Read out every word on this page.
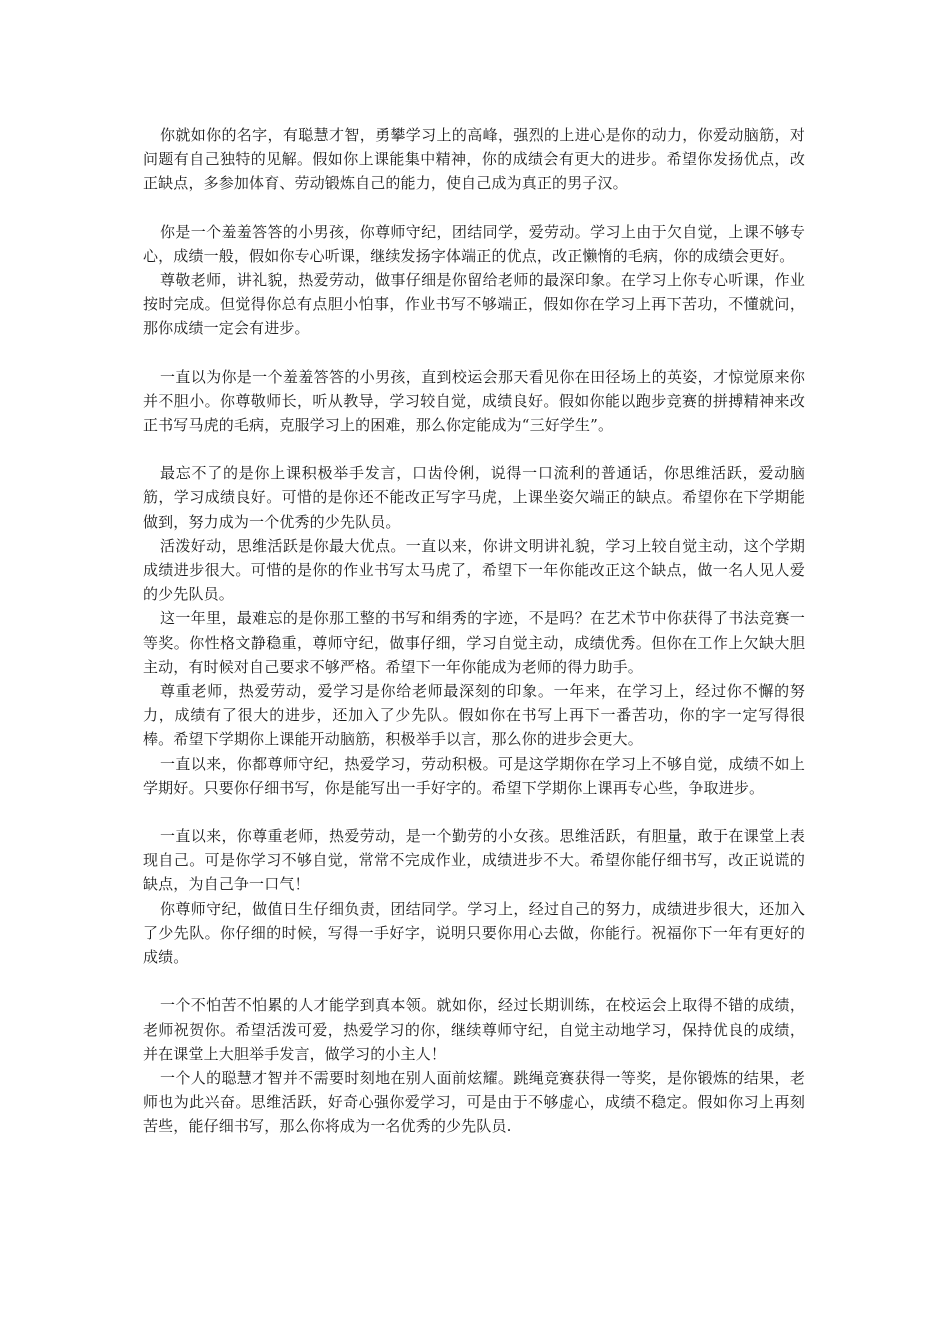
你就如你的名字，有聪慧才智，勇攀学习上的高峰，强烈的上进心是你的动力，你爱动脑筋，对问题有自己独特的见解。假如你上课能集中精神，你的成绩会有更大的进步。希望你发扬优点，改正缺点，多参加体育、劳动锻炼自己的能力，使自己成为真正的男子汉。

你是一个羞羞答答的小男孩，你尊师守纪，团结同学，爱劳动。学习上由于欠自觉，上课不够专心，成绩一般，假如你专心听课，继续发扬字体端正的优点，改正懒惰的毛病，你的成绩会更好。

尊敬老师，讲礼貌，热爱劳动，做事仔细是你留给老师的最深印象。在学习上你专心听课，作业按时完成。但觉得你总有点胆小怕事，作业书写不够端正，假如你在学习上再下苦功，不懂就问，那你成绩一定会有进步。

一直以为你是一个羞羞答答的小男孩，直到校运会那天看见你在田径场上的英姿，才惊觉原来你并不胆小。你尊敬师长，听从教导，学习较自觉，成绩良好。假如你能以跑步竞赛的拼搏精神来改正书写马虎的毛病，克服学习上的困难，那么你定能成为“三好学生”。

最忘不了的是你上课积极举手发言，口齿伶俐，说得一口流利的普通话，你思维活跃，爱动脑筋，学习成绩良好。可惜的是你还不能改正写字马虎，上课坐姿欠端正的缺点。希望你在下学期能做到，努力成为一个优秀的少先队员。

活泼好动，思维活跃是你最大优点。一直以来，你讲文明讲礼貌，学习上较自觉主动，这个学期成绩进步很大。可惜的是你的作业书写太马虎了，希望下一年你能改正这个缺点，做一名人见人爱的少先队员。

这一年里，最难忘的是你那工整的书写和绢秀的字迹，不是吗？在艺术节中你获得了书法竞赛一等奖。你性格文静稳重，尊师守纪，做事仔细，学习自觉主动，成绩优秀。但你在工作上欠缺大胆主动，有时候对自己要求不够严格。希望下一年你能成为老师的得力助手。

尊重老师，热爱劳动，爱学习是你给老师最深刻的印象。一年来，在学习上，经过你不懈的努力，成绩有了很大的进步，还加入了少先队。假如你在书写上再下一番苦功，你的字一定写得很棒。希望下学期你上课能开动脑筋，积极举手以言，那么你的进步会更大。

一直以来，你都尊师守纪，热爱学习，劳动积极。可是这学期你在学习上不够自觉，成绩不如上学期好。只要你仔细书写，你是能写出一手好字的。希望下学期你上课再专心些，争取进步。

一直以来，你尊重老师，热爱劳动，是一个勤劳的小女孩。思维活跃，有胆量，敢于在课堂上表现自己。可是你学习不够自觉，常常不完成作业，成绩进步不大。希望你能仔细书写，改正说谎的缺点，为自己争一口气！

你尊师守纪，做值日生仔细负责，团结同学。学习上，经过自己的努力，成绩进步很大，还加入了少先队。你仔细的时候，写得一手好字，说明只要你用心去做，你能行。祝福你下一年有更好的成绩。

一个不怕苦不怕累的人才能学到真本领。就如你，经过长期训练，在校运会上取得不错的成绩，老师祝贺你。希望活泼可爱，热爱学习的你，继续尊师守纪，自觉主动地学习，保持优良的成绩，并在课堂上大胆举手发言，做学习的小主人！

一个人的聪慧才智并不需要时刻地在别人面前炫耀。跳绳竞赛获得一等奖，是你锻炼的结果，老师也为此兴奋。思维活跃，好奇心强你爱学习，可是由于不够虚心，成绩不稳定。假如你习上再刻苦些，能仔细书写，那么你将成为一名优秀的少先队员.
